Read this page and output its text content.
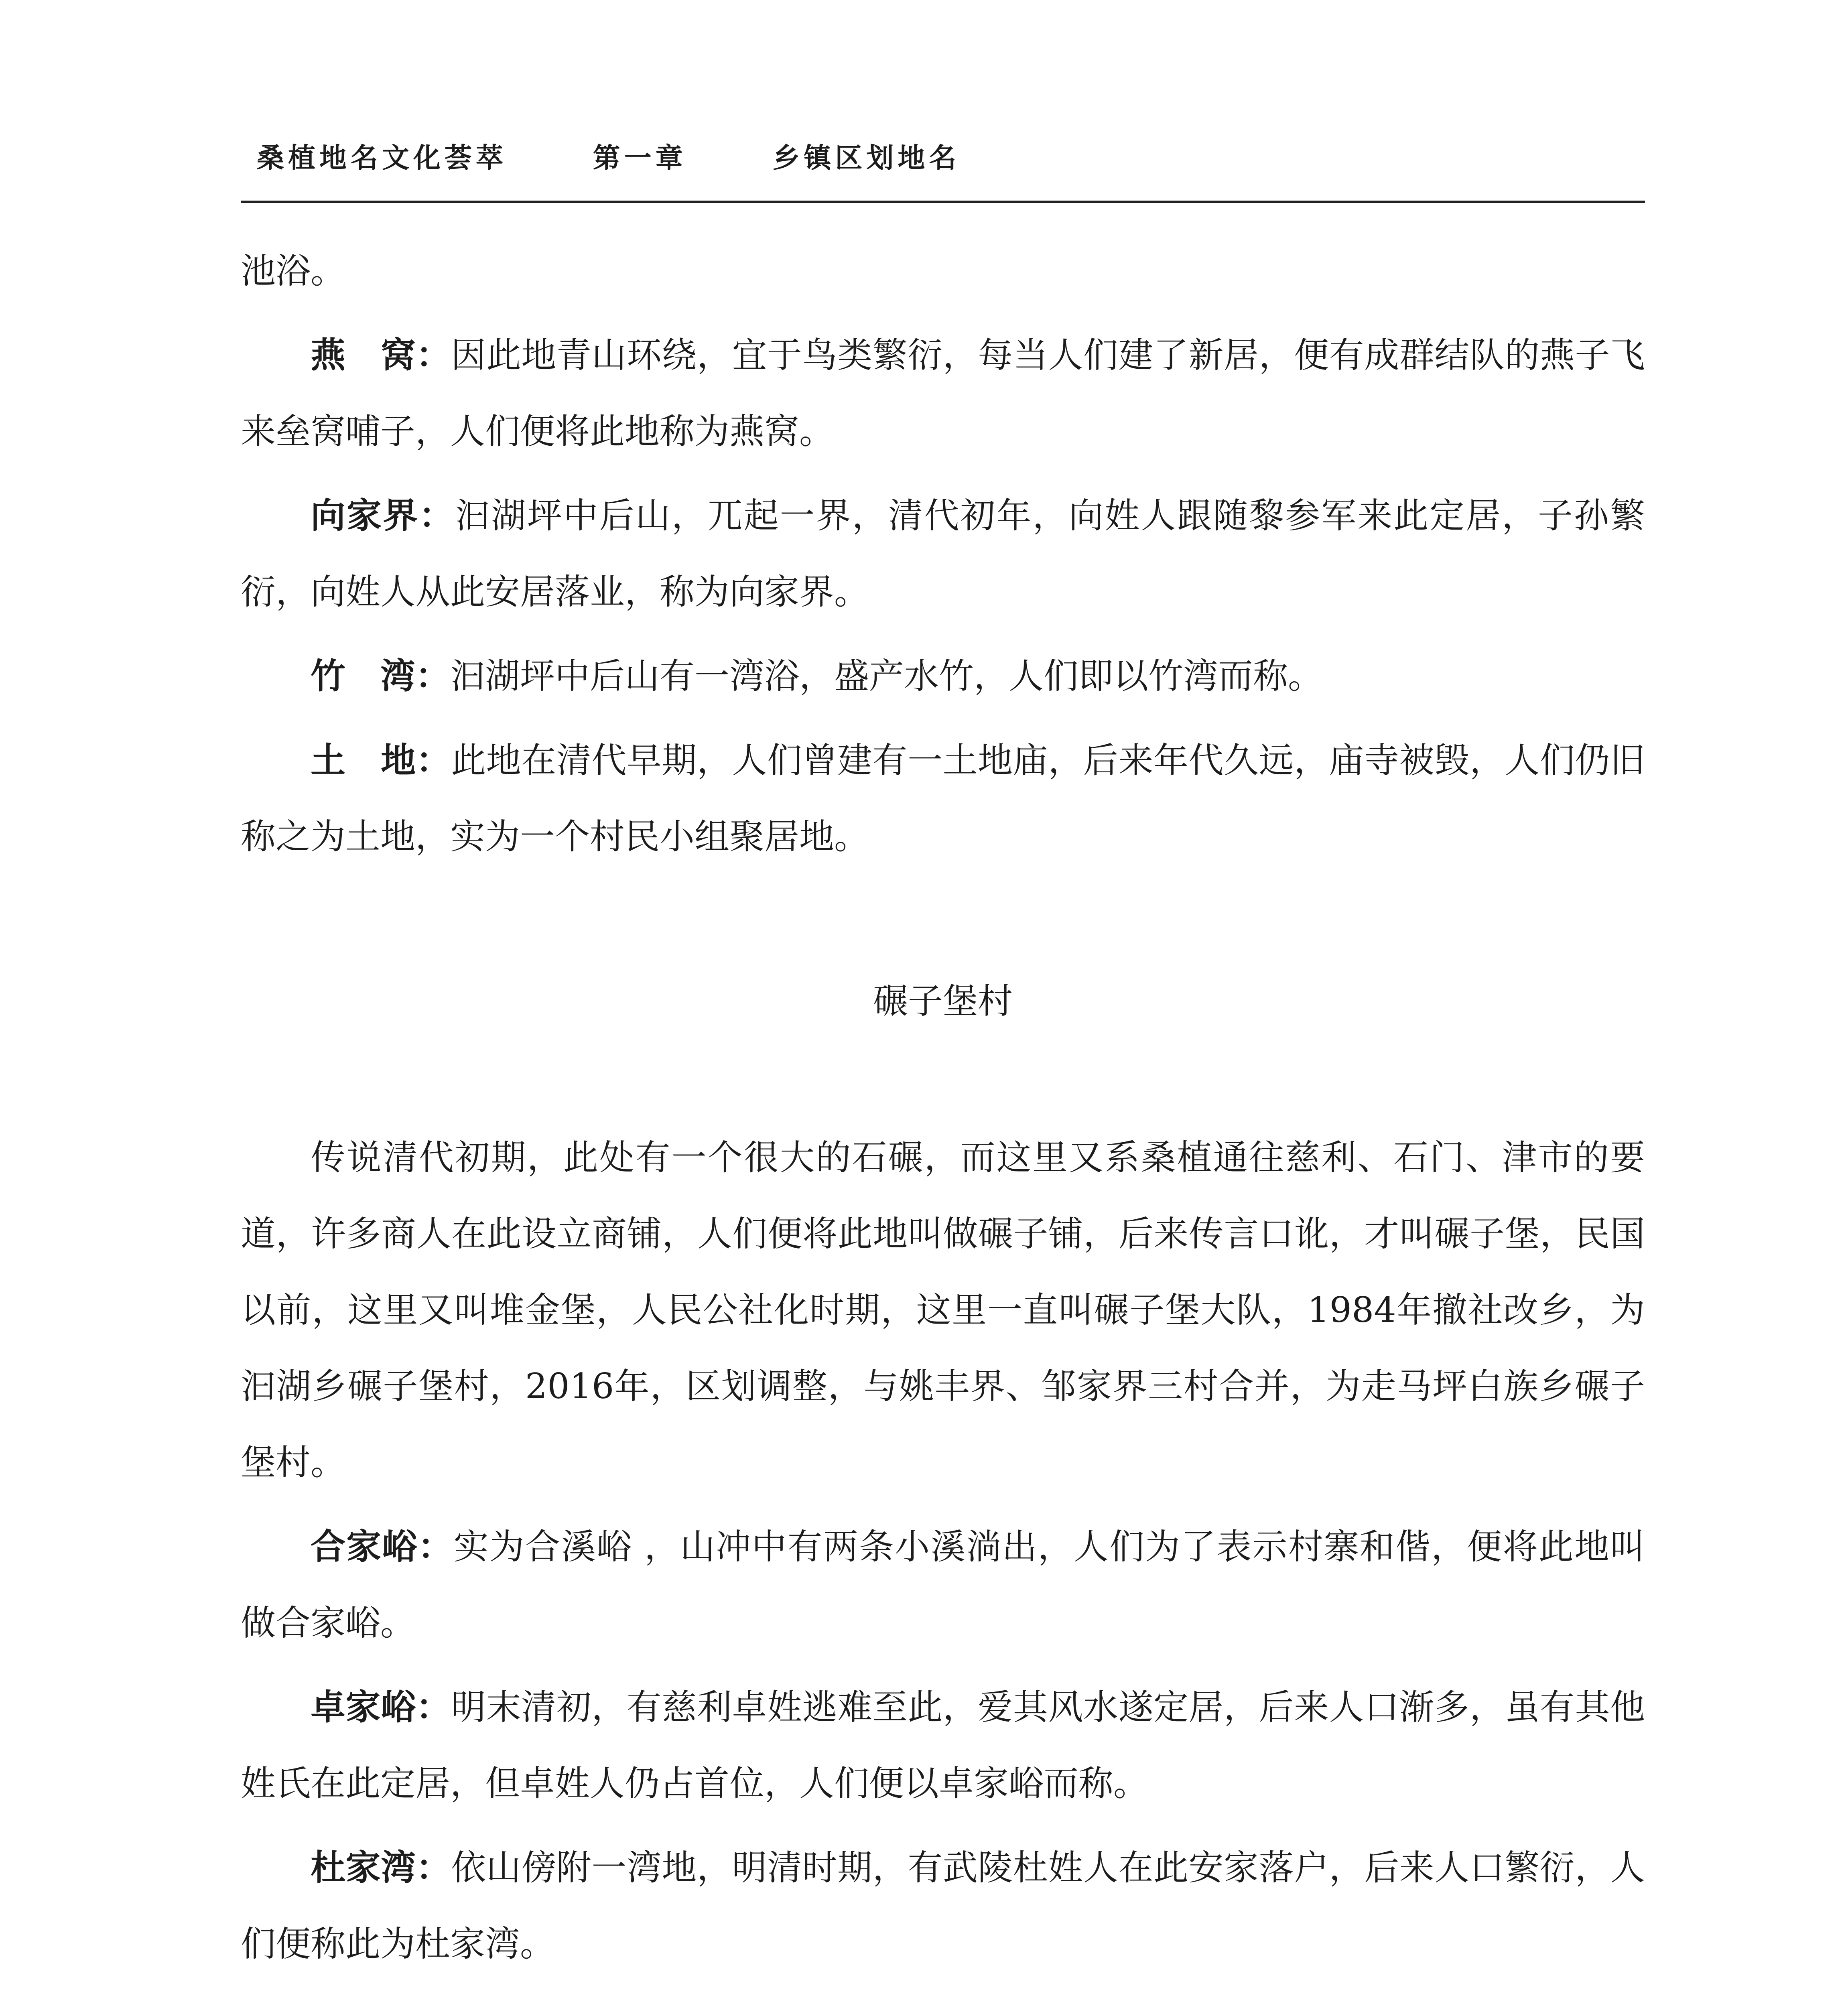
桑植地名文化荟萃	第一章	乡镇区划地名

池浴。

燕　窝：因此地青山环绕，宜于鸟类繁衍，每当人们建了新居，便有成群结队的燕子飞来垒窝哺子，人们便将此地称为燕窝。

向家界：汩湖坪中后山，兀起一界，清代初年，向姓人跟随黎参军来此定居，子孙繁衍，向姓人从此安居落业，称为向家界。

竹　湾：汩湖坪中后山有一湾浴，盛产水竹，人们即以竹湾而称。

土　地：此地在清代早期，人们曾建有一土地庙，后来年代久远，庙寺被毁，人们仍旧称之为土地，实为一个村民小组聚居地。

碾子堡村

传说清代初期，此处有一个很大的石碾，而这里又系桑植通往慈利、石门、津市的要道，许多商人在此设立商铺，人们便将此地叫做碾子铺，后来传言口讹，才叫碾子堡，民国以前，这里又叫堆金堡，人民公社化时期，这里一直叫碾子堡大队，1984年撤社改乡，为汩湖乡碾子堡村，2016年，区划调整，与姚丰界、邹家界三村合并，为走马坪白族乡碾子堡村。

合家峪：实为合溪峪 ，山冲中有两条小溪淌出，人们为了表示村寨和偕，便将此地叫做合家峪。

卓家峪：明末清初，有慈利卓姓逃难至此，爱其风水遂定居，后来人口渐多，虽有其他姓氏在此定居，但卓姓人仍占首位，人们便以卓家峪而称。

杜家湾：依山傍附一湾地，明清时期，有武陵杜姓人在此安家落户，后来人口繁衍，人们便称此为杜家湾。
